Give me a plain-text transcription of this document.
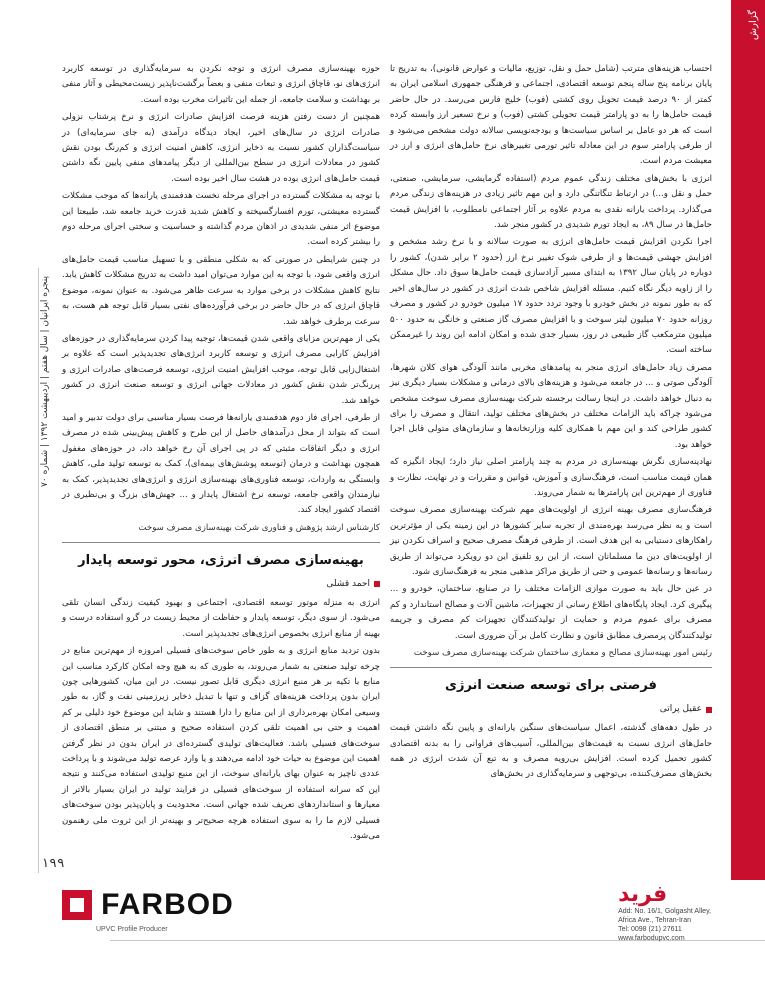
گزارش
پنجره ایرانیان | سال هفتم | اردیبهشت ۱۳۹۲ | شماره ۷۰
۱۹۹

احتساب هزینه‌های مترتب (شامل حمل و نقل، توزیع، مالیات و عوارض قانونی)، به تدریج تا پایان برنامه پنج ساله پنجم توسعه اقتصادی، اجتماعی و فرهنگی جمهوری اسلامی ایران به کمتر از ۹۰ درصد قیمت تحویل روی کشتی (فوب) خلیج فارس می‌رسد. در حال حاضر قیمت حامل‌ها را به دو پارامتر قیمت تحویلی کشتی (فوب) و نرخ تسعیر ارز وابسته کرده است که هر دو عامل بر اساس سیاست‌ها و بودجه‌نویسی سالانه دولت مشخص می‌شود و از طرفی پارامتر سوم در این معادله تاثیر تورمی تغییرهای نرخ حامل‌های انرژی و ارز در معیشت مردم است.

انرژی با بخش‌های مختلف زندگی عموم مردم (استفاده گرمایشی، سرمایشی، صنعتی، حمل و نقل و...) در ارتباط تنگاتنگی دارد و این مهم تاثیر زیادی در هزینه‌های زندگی مردم می‌گذارد. پرداخت یارانه نقدی به مردم علاوه بر آثار اجتماعی نامطلوب، با افزایش قیمت حامل‌ها در سال ۸۹، به ایجاد تورم شدیدی در کشور منجر شد.

اجرا نکردن افزایش قیمت حامل‌های انرژی به صورت سالانه و با نرخ رشد مشخص و افزایش جهشی قیمت‌ها و از طرفی شوک تغییر نرخ ارز (حدود ۲ برابر شدن)، کشور را دوباره در پایان سال ۱۳۹۲ به ابتدای مسیر آزادسازی قیمت حامل‌ها سوق داد. حال مشکل را از زاویه دیگر نگاه کنیم. مسئله افزایش شاخص شدت انرژی در کشور در سال‌های اخیر که به طور نمونه در بخش خودرو با وجود تردد حدود ۱۷ میلیون خودرو در کشور و مصرف روزانه حدود ۷۰ میلیون لیتر سوخت و با افزایش مصرف گاز صنعتی و خانگی به حدود ۵۰۰ میلیون مترمکعب گاز طبیعی در روز، بسیار جدی شده و امکان ادامه این روند را غیرممکن ساخته است.

مصرف زیاد حامل‌های انرژی منجر به پیامدهای مخربی مانند آلودگی هوای کلان شهرها، آلودگی صوتی و ... در جامعه می‌شود و هزینه‌های بالای درمانی و مشکلات بسیار دیگری نیز به دنبال خواهد داشت. در اینجا رسالت برجسته شرکت بهینه‌سازی مصرف سوخت مشخص می‌شود چراکه باید الزامات مختلف در بخش‌های مختلف تولید، انتقال و مصرف را برای کشور طراحی کند و این مهم با همکاری کلیه وزارتخانه‌ها و سازمان‌های متولی قابل اجرا خواهد بود.

نهادینه‌سازی نگرش بهینه‌سازی در مردم به چند پارامتر اصلی نیاز دارد؛ ایجاد انگیزه که همان قیمت مناسب است، فرهنگ‌سازی و آموزش، قوانین و مقررات و در نهایت، نظارت و فناوری از مهم‌ترین این پارامترها به شمار می‌روند.

فرهنگ‌سازی مصرف بهینه انرژی از اولویت‌های مهم شرکت بهینه‌سازی مصرف سوخت است و به نظر می‌رسد بهره‌مندی از تجربه سایر کشورها در این زمینه یکی از مؤثرترین راهکارهای دستیابی به این هدف است. از طرفی فرهنگ مصرف صحیح و اسراف نکردن نیز از اولویت‌های دین ما مسلمانان است، از این رو تلفیق این دو رویکرد می‌تواند از طریق رسانه‌ها و رسانه‌ها عمومی و حتی از طریق مراکز مذهبی منجر به فرهنگ‌سازی شود.

در عین حال باید به صورت موازی الزامات مختلف را در صنایع، ساختمان، خودرو و ... پیگیری کرد. ایجاد پایگاه‌های اطلاع رسانی از تجهیزات، ماشین آلات و مصالح استاندارد و کم مصرف برای عموم مردم و حمایت از تولیدکنندگان تجهیزات کم مصرف و جریمه تولیدکنندگان پرمصرف مطابق قانون و نظارت کامل بر آن ضروری است.

رئیس امور بهینه‌سازی مصالح و معماری ساختمان شرکت بهینه‌سازی مصرف سوخت

فرصتی برای توسعه صنعت انرژی
عقیل پراتی

در طول دهه‌های گذشته، اعمال سیاست‌های سنگین یارانه‌ای و پایین نگه داشتن قیمت حامل‌های انرژی نسبت به قیمت‌های بین‌المللی، آسیب‌های فراوانی را به بدنه اقتصادی کشور تحمیل کرده است. افزایش بی‌رویه مصرف و به تبع آن شدت انرژی در همه بخش‌های مصرف‌کننده، بی‌توجهی و سرمایه‌گذاری در بخش‌های

حوزه بهینه‌سازی مصرف انرژی و توجه نکردن به سرمایه‌گذاری در توسعه کاربرد انرژی‌های نو، قاچاق انرژی و تبعات منفی و بعضاً برگشت‌ناپذیر زیست‌محیطی و آثار منفی بر بهداشت و سلامت جامعه، از جمله این تاثیرات مخرب بوده است.

همچنین از دست رفتن هزینه فرصت افزایش صادرات انرژی و نرخ پرشتاب نزولی صادرات انرژی در سال‌های اخیر، ایجاد دیدگاه درآمدی (به جای سرمایه‌ای) در سیاست‌گذاران کشور نسبت به ذخایر انرژی، کاهش امنیت انرژی و کم‌رنگ بودن نقش کشور در معادلات انرژی در سطح بین‌المللی از دیگر پیامدهای منفی پایین نگه داشتن قیمت حامل‌های انرژی بوده در هشت سال اخیر بوده است.

با توجه به مشکلات گسترده در اجرای مرحله نخست هدفمندی یارانه‌ها که موجب مشکلات گسترده معیشتی، تورم افسارگسیخته و کاهش شدید قدرت خرید جامعه شد، طبیعتا این موضوع اثر منفی شدیدی در اذهان مردم گذاشته و حساسیت و سختی اجرای مرحله دوم را بیشتر کرده است.

در چنین شرایطی در صورتی که به شکلی منطقی و با تسهیل مناسب قیمت حامل‌های انرژی واقعی شود، با توجه به این موارد می‌توان امید داشت به تدریج مشکلات کاهش یابد. نتایج کاهش مشکلات در برخی موارد به سرعت ظاهر می‌شود. به عنوان نمونه، موضوع قاچاق انرژی که در حال حاضر در برخی فرآورده‌های نفتی بسیار قابل توجه هم هست، به سرعت برطرف خواهد شد.

یکی از مهم‌ترین مزایای واقعی شدن قیمت‌ها، توجیه پیدا کردن سرمایه‌گذاری در حوزه‌های افزایش کارایی مصرف انرژی و توسعه کاربرد انرژی‌های تجدیدپذیر است که علاوه بر اشتغال‌زایی قابل توجه، موجب افزایش امنیت انرژی، توسعه فرصت‌های صادرات انرژی و پررنگ‌تر شدن نقش کشور در معادلات جهانی انرژی و توسعه صنعت انرژی در کشور خواهد شد.

از طرفی، اجرای فاز دوم هدفمندی یارانه‌ها فرصت بسیار مناسبی برای دولت تدبیر و امید است که بتواند از محل درآمدهای حاصل از این طرح و کاهش پیش‌بینی شده در مصرف انرژی و دیگر اتفاقات مثبتی که در پی اجرای آن رخ خواهد داد، در حوزه‌های مغفول همچون بهداشت و درمان (توسعه پوشش‌های بیمه‌ای)، کمک به توسعه تولید ملی، کاهش وابستگی به واردات، توسعه فناوری‌های بهینه‌سازی انرژی و انرژی‌های تجدیدپذیر، کمک به نیازمندان واقعی جامعه، توسعه نرخ اشتغال پایدار و ... جهش‌های بزرگ و بی‌نظیری در اقتصاد کشور ایجاد کند.

کارشناس ارشد پژوهش و فناوری شرکت بهینه‌سازی مصرف سوخت

بهینه‌سازی مصرف انرژی، محور توسعه پایدار
احمد قشلی

انرژی به منزله موتور توسعه اقتصادی، اجتماعی و بهبود کیفیت زندگی انسان تلقی می‌شود. از سوی دیگر، توسعه پایدار و حفاظت از محیط زیست در گرو استفاده درست و بهینه از منابع انرژی بخصوص انرژی‌های تجدیدپذیر است.

بدون تردید منابع انرژی و به طور خاص سوخت‌های فسیلی امروزه از مهم‌ترین منابع در چرخه تولید صنعتی به شمار می‌روند، به طوری که به هیچ وجه امکان کارکرد مناسب این منابع با تکیه بر هر منبع انرژی دیگری قابل تصور نیست. در این میان، کشورهایی چون ایران بدون پرداخت هزینه‌های گزاف و تنها با تبدیل ذخایر زیرزمینی نفت و گاز، به طور وسیعی امکان بهره‌برداری از این منابع را دارا هستند و شاید این موضوع خود دلیلی بر کم اهمیت و حتی بی اهمیت تلقی کردن استفاده صحیح و مبتنی بر منطق اقتصادی از سوخت‌های فسیلی باشد. فعالیت‌های تولیدی گسترده‌ای در ایران بدون در نظر گرفتن اهمیت این موضوع به حیات خود ادامه می‌دهند و یا وارد عرصه تولید می‌شوند و با پرداخت عددی ناچیز به عنوان بهای یارانه‌ای سوخت، از این منبع تولیدی استفاده می‌کنند و نتیجه این که سرانه استفاده از سوخت‌های فسیلی در فرایند تولید در ایران بسیار بالاتر از معیارها و استانداردهای تعریف شده جهانی است. محدودیت و پایان‌پذیر بودن سوخت‌های فسیلی لازم ما را به سوی استفاده هرچه صحیح‌تر و بهینه‌تر از این ثروت ملی رهنمون می‌شود.

FARBOD
UPVC Profile Producer
فرید
Add: No. 16/1, Golgasht Alley,
Africa Ave., Tehran-Iran
Tel: 0098 (21) 27611
www.farbodupvc.com
